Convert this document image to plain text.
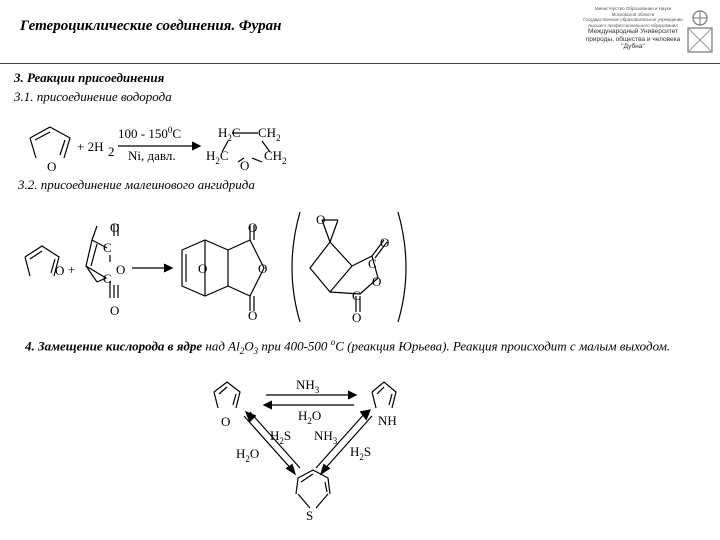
Гетероциклические соединения. Фуран
Министерство Образования и Науки Московской области
Государственное образовательное учреждение
высшего профессионального образования
Международный Университет
природы, общества и человека
"Дубна"
3. Реакции присоединения
3.1. присоединение водорода
3.2. присоединение малеинового ангидрида
4. Замещение кислорода в ядре над $Al_2O_3$ при 400-500 $^o$С (реакция Юрьева). Реакция происходит с малым выходом.
O
+ 2H 2
$100 - 150^0C$
Ni, давл.
$H_2C$ $CH_2$
$H_2C$
O
$CH_2$
O +
O
C
O
C
O
O
O
O
O
O
C
O
O
C
O
O	NH
S
$NH_3$
$H_2O$
$H_2S$ $NH_3$
$H_2O$	$H_2S$
